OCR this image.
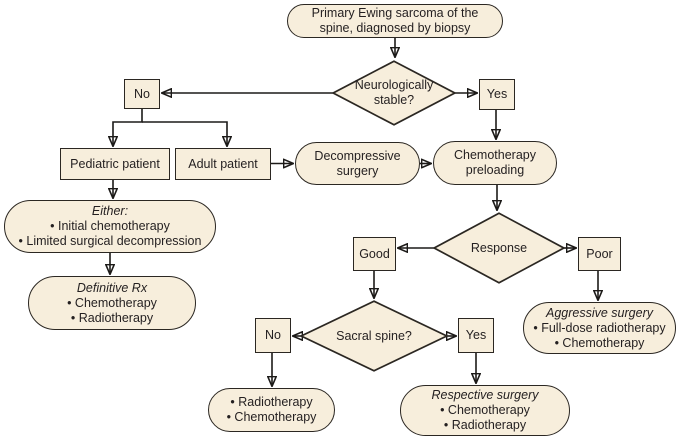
Primary Ewing sarcoma of the
spine, diagnosed by biopsy
Neurologically
stable?
No	Yes
Pediatric patient Adult patient
Decompressive
surgery
Chemotherapy
preloading
Either:
• Initial chemotherapy
• Limited surgical decompression
Definitive Rx
• Chemotherapy
• Radiotherapy
Response
Good	Poor
Aggressive surgery
• Full-dose radiotherapy
• Chemotherapy
Sacral spine?
No	Yes
• Radiotherapy
• Chemotherapy
Respective surgery
• Chemotherapy
• Radiotherapy
